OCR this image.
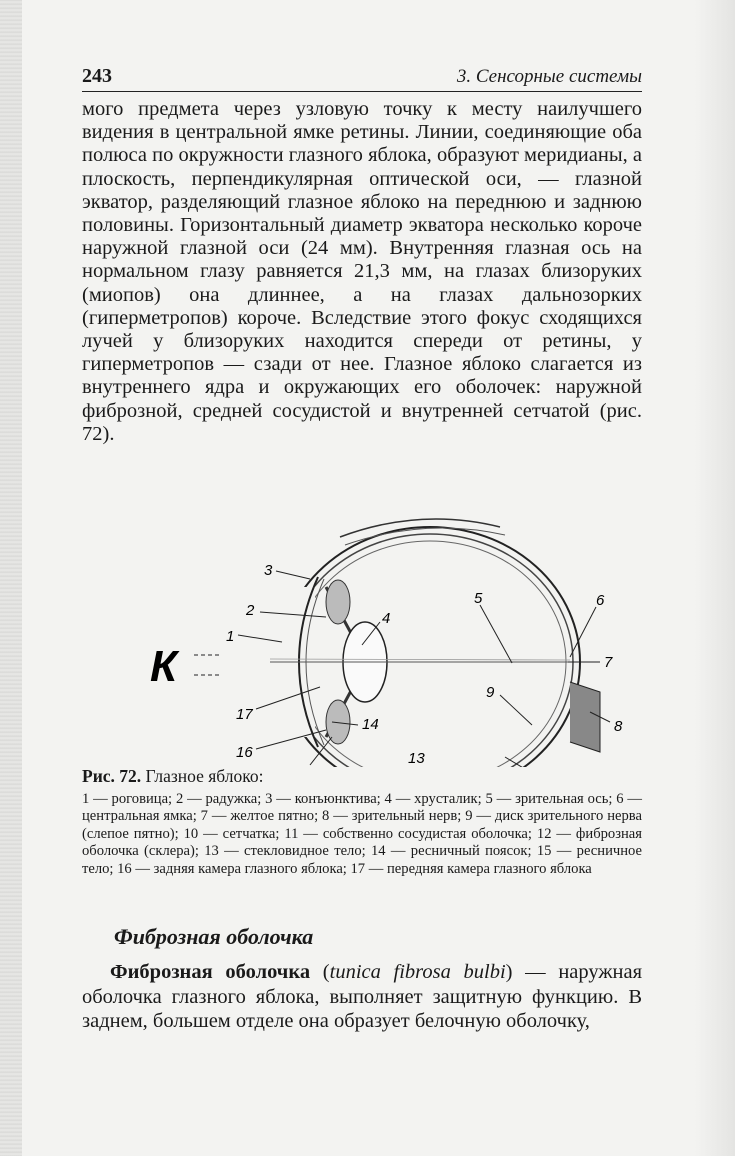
243	3. Сенсорные системы

мого предмета через узловую точку к месту наилучшего видения в центральной ямке ретины. Линии, соединяющие оба полюса по окружности глазного яблока, образуют меридианы, а плоскость, перпендикулярная оптической оси, — глазной экватор, разделяющий глазное яблоко на переднюю и заднюю половины. Горизонтальный диаметр экватора несколько короче наружной глазной оси (24 мм). Внутренняя глазная ось на нормальном глазу равняется 21,3 мм, на глазах близоруких (миопов) она длиннее, а на глазах дальнозорких (гиперметропов) короче. Вследствие этого фокус сходящихся лучей у близоруких находится спереди от ретины, у гиперметропов — сзади от нее. Глазное яблоко слагается из внутреннего ядра и окружающих его оболочек: наружной фиброзной, средней сосудистой и внутренней сетчатой (рис. 72).

К
1
2
3
4
5	6
7
8
9
13
14
16
17

Рис. 72. Глазное яблоко:

1 — роговица; 2 — радужка; 3 — конъюнктива; 4 — хрусталик; 5 — зрительная ось; 6 — центральная ямка; 7 — желтое пятно; 8 — зрительный нерв; 9 — диск зрительного нерва (слепое пятно); 10 — сетчатка; 11 — собственно сосудистая оболочка; 12 — фиброзная оболочка (склера); 13 — стекловидное тело; 14 — ресничный поясок; 15 — ресничное тело; 16 — задняя камера глазного яблока; 17 — передняя камера глазного яблока

Фиброзная оболочка

Фиброзная оболочка (tunica fibrosa bulbi) — наружная оболочка глазного яблока, выполняет защитную функцию. В заднем, большем отделе она образует белочную оболочку,
